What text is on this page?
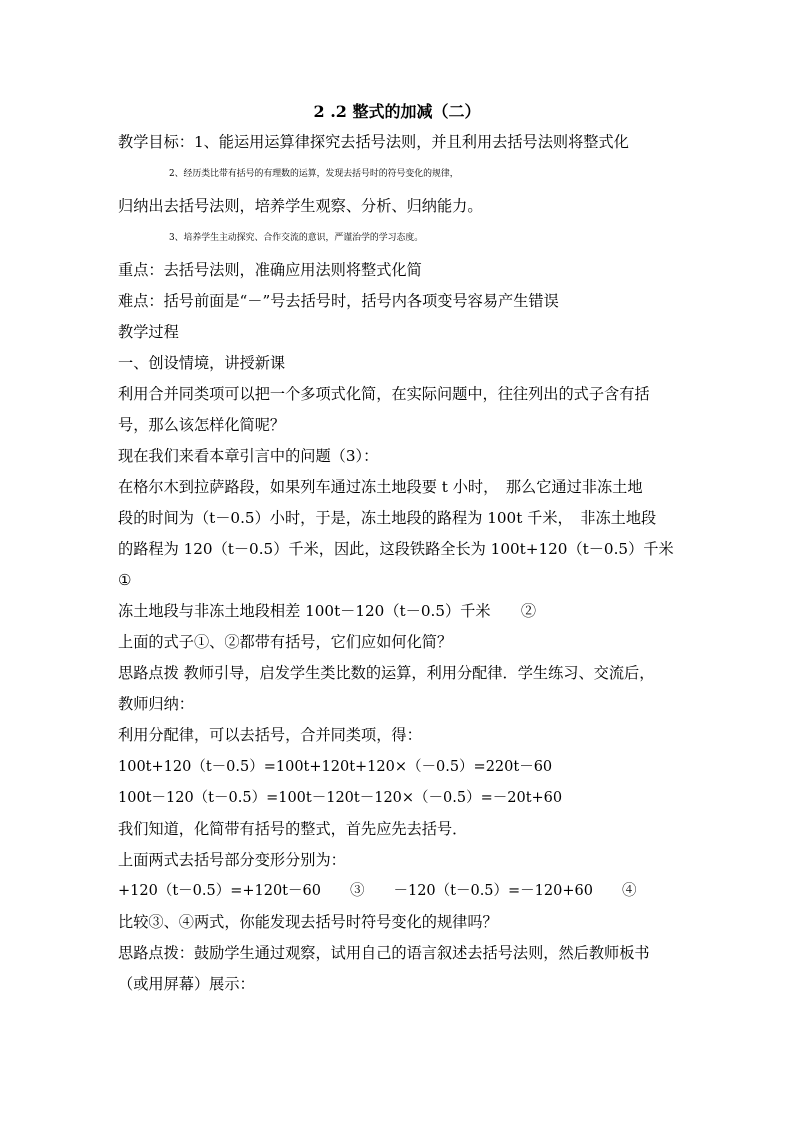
2 .2 整式的加减（二）
教学目标：1、能运用运算律探究去括号法则，并且利用去括号法则将整式化
2、经历类比带有括号的有理数的运算，发现去括号时的符号变化的规律，
归纳出去括号法则，培养学生观察、分析、归纳能力。
3、培养学生主动探究、合作交流的意识，严谨治学的学习态度。
重点：去括号法则，准确应用法则将整式化简
难点：括号前面是“－”号去括号时，括号内各项变号容易产生错误
教学过程
一、创设情境，讲授新课
利用合并同类项可以把一个多项式化简，在实际问题中，往往列出的式子含有括
号，那么该怎样化简呢？
现在我们来看本章引言中的问题（3）：
在格尔木到拉萨路段，如果列车通过冻土地段要 t 小时，　那么它通过非冻土地
段的时间为（t－0.5）小时，于是，冻土地段的路程为 100t 千米，　非冻土地段
的路程为 120（t－0.5）千米，因此，这段铁路全长为 100t+120（t－0.5）千米
①
冻土地段与非冻土地段相差 100t－120（t－0.5）千米　　②
上面的式子①、②都带有括号，它们应如何化简？
思路点拨 教师引导，启发学生类比数的运算，利用分配律．学生练习、交流后，
教师归纳：
利用分配律，可以去括号，合并同类项，得：
100t+120（t－0.5）=100t+120t+120×（－0.5）=220t－60
100t－120（t－0.5）=100t－120t－120×（－0.5）=－20t+60
我们知道，化简带有括号的整式，首先应先去括号．
上面两式去括号部分变形分别为：
+120（t－0.5）=+120t－60　　③　　－120（t－0.5）=－120+60　　④
比较③、④两式，你能发现去括号时符号变化的规律吗？
思路点拨：鼓励学生通过观察，试用自己的语言叙述去括号法则，然后教师板书
（或用屏幕）展示：
